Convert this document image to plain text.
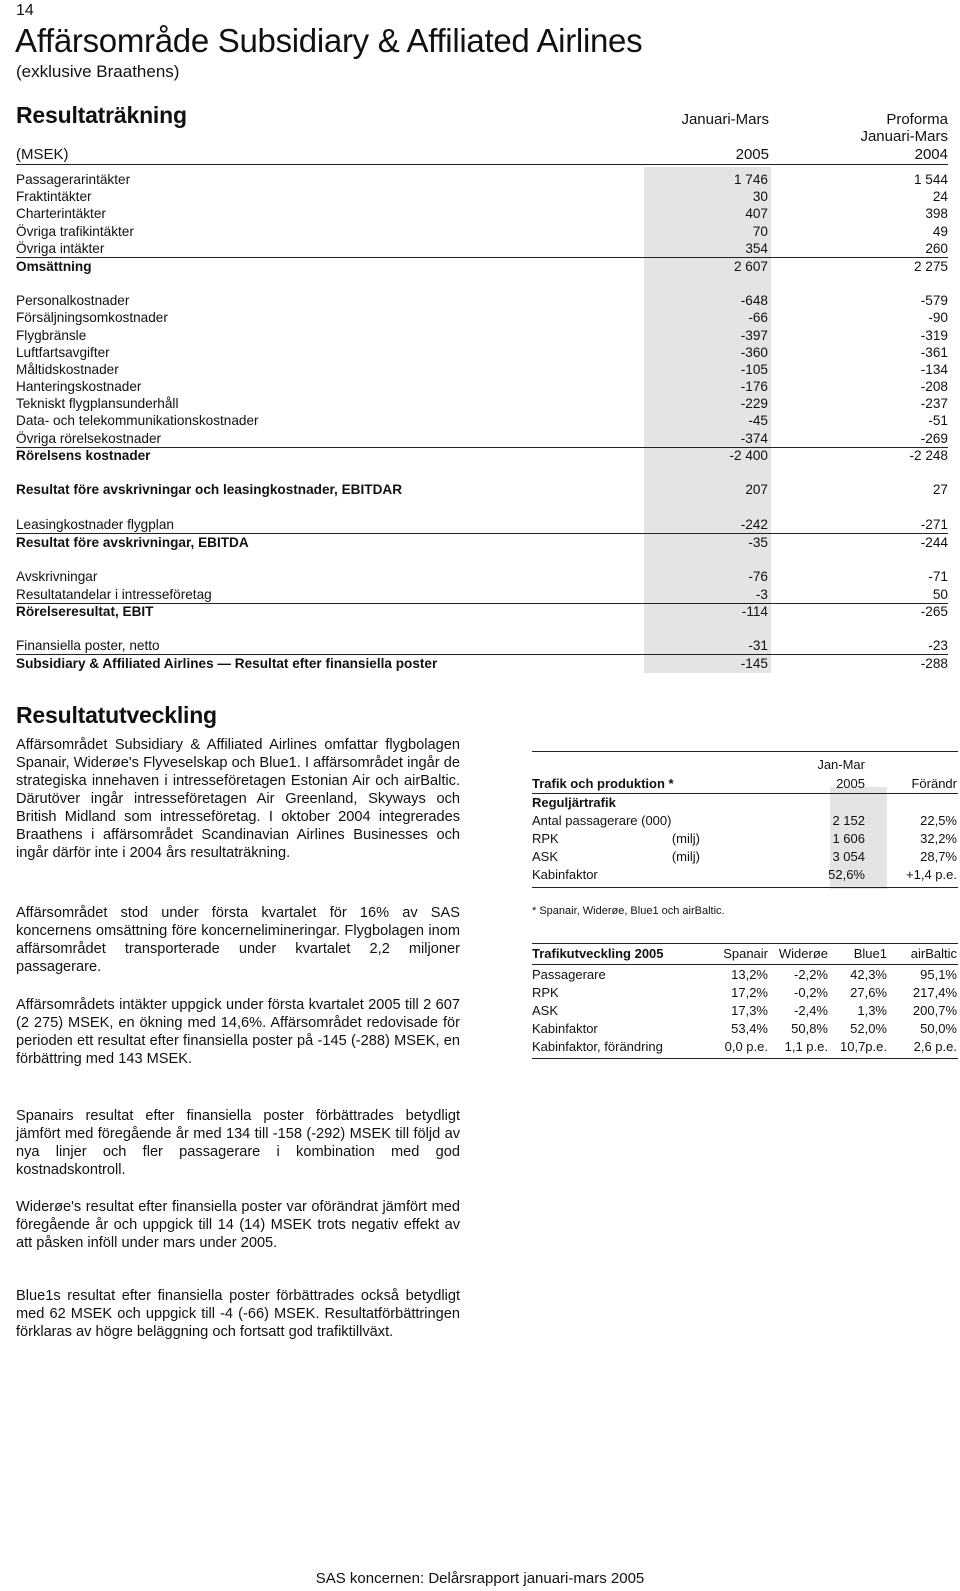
14
Affärsområde Subsidiary & Affiliated Airlines
(exklusive Braathens)
Resultaträkning	Januari-Mars	Proforma
Januari-Mars
(MSEK)	2005	2004
Passagerarintäkter	1 746	1 544
Fraktintäkter	30	24
Charterintäkter	407	398
Övriga trafikintäkter	70	49
Övriga intäkter	354	260
Omsättning	2 607	2 275
Personalkostnader	-648	-579
Försäljningsomkostnader	-66	-90
Flygbränsle	-397	-319
Luftfartsavgifter	-360	-361
Måltidskostnader	-105	-134
Hanteringskostnader	-176	-208
Tekniskt flygplansunderhåll	-229	-237
Data- och telekommunikationskostnader	-45	-51
Övriga rörelsekostnader	-374	-269
Rörelsens kostnader	-2 400	-2 248
Resultat före avskrivningar och leasingkostnader, EBITDAR	207	27
Leasingkostnader flygplan	-242	-271
Resultat före avskrivningar, EBITDA	-35	-244
Avskrivningar	-76	-71
Resultatandelar i intresseföretag	-3	50
Rörelseresultat, EBIT	-114	-265
Finansiella poster, netto	-31	-23
Subsidiary & Affiliated Airlines — Resultat efter finansiella poster	-145	-288
Resultatutveckling
Affärsområdet Subsidiary & Affiliated Airlines omfattar flygbolagen Spanair, Widerøe's Flyveselskap och Blue1. I affärsområdet ingår de strategiska innehaven i intresseföretagen Estonian Air och airBaltic. Därutöver ingår intresseföretagen Air Greenland, Skyways och British Midland som intresseföretag. I oktober 2004 integrerades Braathens i affärsområdet Scandinavian Airlines Businesses och ingår därför inte i 2004 års resultaträkning.
Affärsområdet stod under första kvartalet för 16% av SAS koncernens omsättning före koncernelimineringar. Flygbolagen inom affärsområdet transporterade under kvartalet 2,2 miljoner passagerare.
Affärsområdets intäkter uppgick under första kvartalet 2005 till 2 607 (2 275) MSEK, en ökning med 14,6%. Affärsområdet redovisade för perioden ett resultat efter finansiella poster på -145 (-288) MSEK, en förbättring med 143 MSEK.
Spanairs resultat efter finansiella poster förbättrades betydligt jämfört med föregående år med 134 till -158 (-292) MSEK till följd av nya linjer och fler passagerare i kombination med god kostnadskontroll.
Widerøe's resultat efter finansiella poster var oförändrat jämfört med föregående år och uppgick till 14 (14) MSEK trots negativ effekt av att påsken inföll under mars under 2005.
Blue1s resultat efter finansiella poster förbättrades också betydligt med 62 MSEK och uppgick till -4 (-66) MSEK. Resultatförbättringen förklaras av högre beläggning och fortsatt god trafiktillväxt.
Jan-Mar
Trafik och produktion *	2005	Förändr
Reguljärtrafik
Antal passagerare (000)	2 152	22,5%
RPK	(milj)	1 606	32,2%
ASK	(milj)	3 054	28,7%
Kabinfaktor	52,6%	+1,4 p.e.
* Spanair, Widerøe, Blue1 och airBaltic.
Trafikutveckling 2005	Spanair Widerøe Blue1 airBaltic
Passagerare	13,2% -2,2% 42,3%	95,1%
RPK	17,2% -0,2% 27,6% 217,4%
ASK	17,3% -2,4% 1,3% 200,7%
Kabinfaktor	53,4% 50,8% 52,0%	50,0%
Kabinfaktor, förändring	0,0 p.e. 1,1 p.e. 10,7p.e. 2,6 p.e.
SAS koncernen: Delårsrapport januari-mars 2005
